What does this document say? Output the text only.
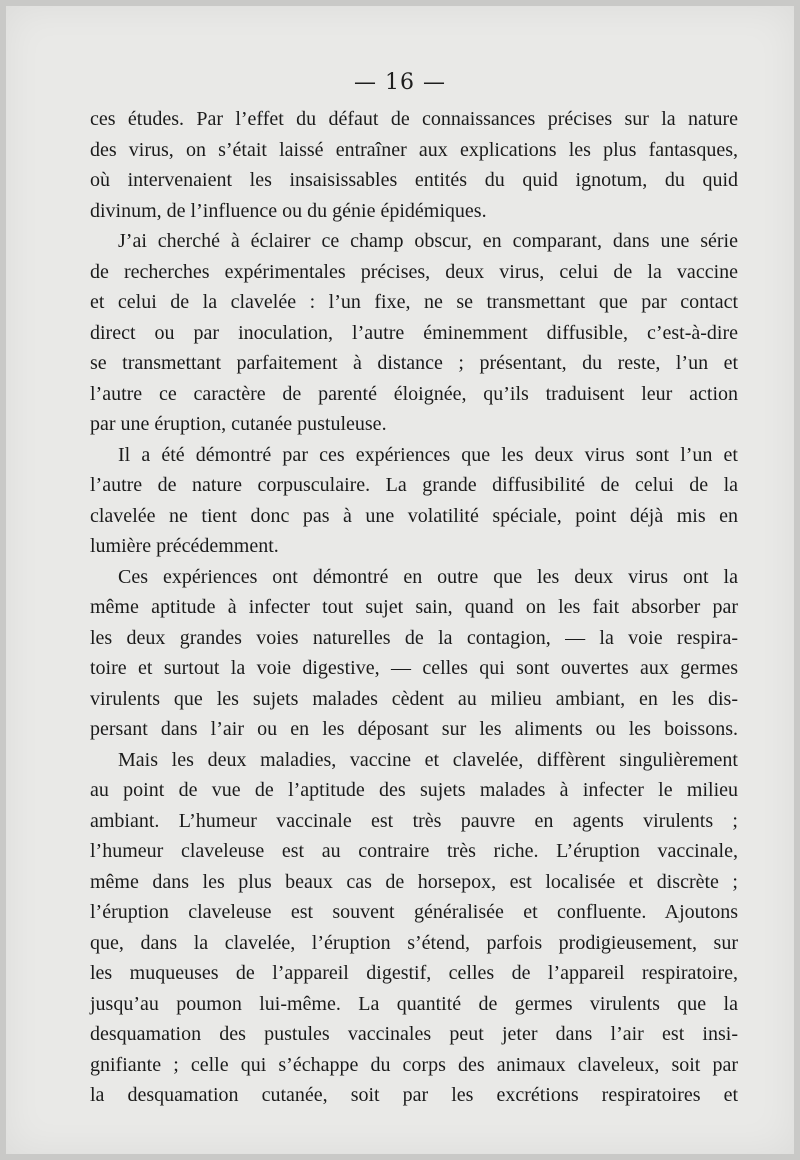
— 16 —
ces études. Par l’effet du défaut de connaissances précises sur la nature
des virus, on s’était laissé entraîner aux explications les plus fantasques,
où intervenaient les insaisissables entités du quid ignotum, du quid
divinum, de l’influence ou du génie épidémiques.
J’ai cherché à éclairer ce champ obscur, en comparant, dans une série
de recherches expérimentales précises, deux virus, celui de la vaccine
et celui de la clavelée : l’un fixe, ne se transmettant que par contact
direct ou par inoculation, l’autre éminemment diffusible, c’est-à-dire
se transmettant parfaitement à distance ; présentant, du reste, l’un et
l’autre ce caractère de parenté éloignée, qu’ils traduisent leur action
par une éruption, cutanée pustuleuse.
Il a été démontré par ces expériences que les deux virus sont l’un et
l’autre de nature corpusculaire. La grande diffusibilité de celui de la
clavelée ne tient donc pas à une volatilité spéciale, point déjà mis en
lumière précédemment.
Ces expériences ont démontré en outre que les deux virus ont la
même aptitude à infecter tout sujet sain, quand on les fait absorber par
les deux grandes voies naturelles de la contagion, — la voie respira-
toire et surtout la voie digestive, — celles qui sont ouvertes aux germes
virulents que les sujets malades cèdent au milieu ambiant, en les dis-
persant dans l’air ou en les déposant sur les aliments ou les boissons.
Mais les deux maladies, vaccine et clavelée, diffèrent singulièrement
au point de vue de l’aptitude des sujets malades à infecter le milieu
ambiant. L’humeur vaccinale est très pauvre en agents virulents ;
l’humeur claveleuse est au contraire très riche. L’éruption vaccinale,
même dans les plus beaux cas de horsepox, est localisée et discrète ;
l’éruption claveleuse est souvent généralisée et confluente. Ajoutons
que, dans la clavelée, l’éruption s’étend, parfois prodigieusement, sur
les muqueuses de l’appareil digestif, celles de l’appareil respiratoire,
jusqu’au poumon lui-même. La quantité de germes virulents que la
desquamation des pustules vaccinales peut jeter dans l’air est insi-
gnifiante ; celle qui s’échappe du corps des animaux claveleux, soit par
la desquamation cutanée, soit par les excrétions respiratoires et
